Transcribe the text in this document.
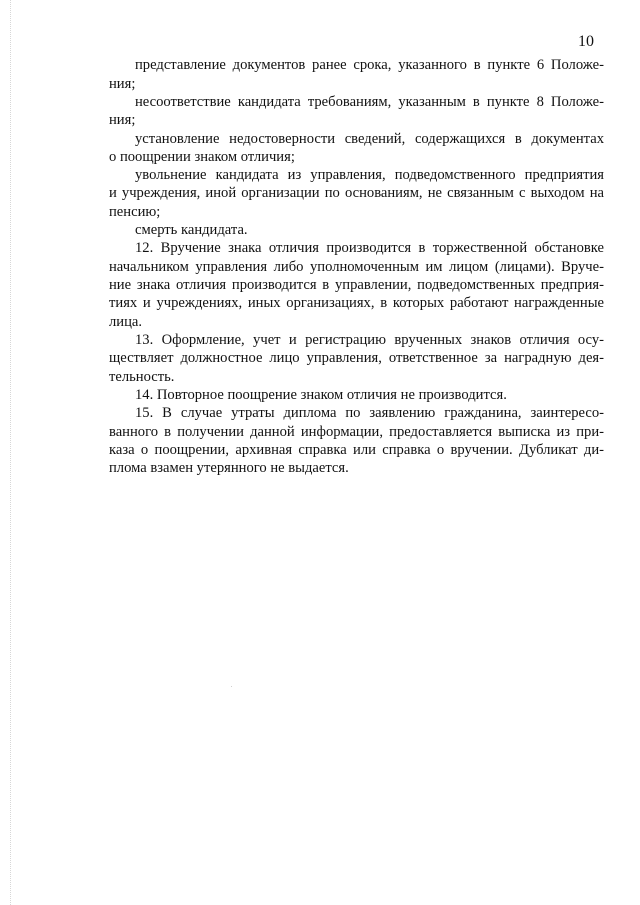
10
представление документов ранее срока, указанного в пункте 6 Положе-
ния;
несоответствие кандидата требованиям, указанным в пункте 8 Положе-
ния;
установление недостоверности сведений, содержащихся в документах
о поощрении знаком отличия;
увольнение кандидата из управления, подведомственного предприятия
и учреждения, иной организации по основаниям, не связанным с выходом на
пенсию;
смерть кандидата.
12. Вручение знака отличия производится в торжественной обстановке
начальником управления либо уполномоченным им лицом (лицами). Вруче-
ние знака отличия производится в управлении, подведомственных предприя-
тиях и учреждениях, иных организациях, в которых работают награжденные
лица.
13. Оформление, учет и регистрацию врученных знаков отличия осу-
ществляет должностное лицо управления, ответственное за наградную дея-
тельность.
14. Повторное поощрение знаком отличия не производится.
15. В случае утраты диплома по заявлению гражданина, заинтересо-
ванного в получении данной информации, предоставляется выписка из при-
каза о поощрении, архивная справка или справка о вручении. Дубликат ди-
плома взамен утерянного не выдается.
